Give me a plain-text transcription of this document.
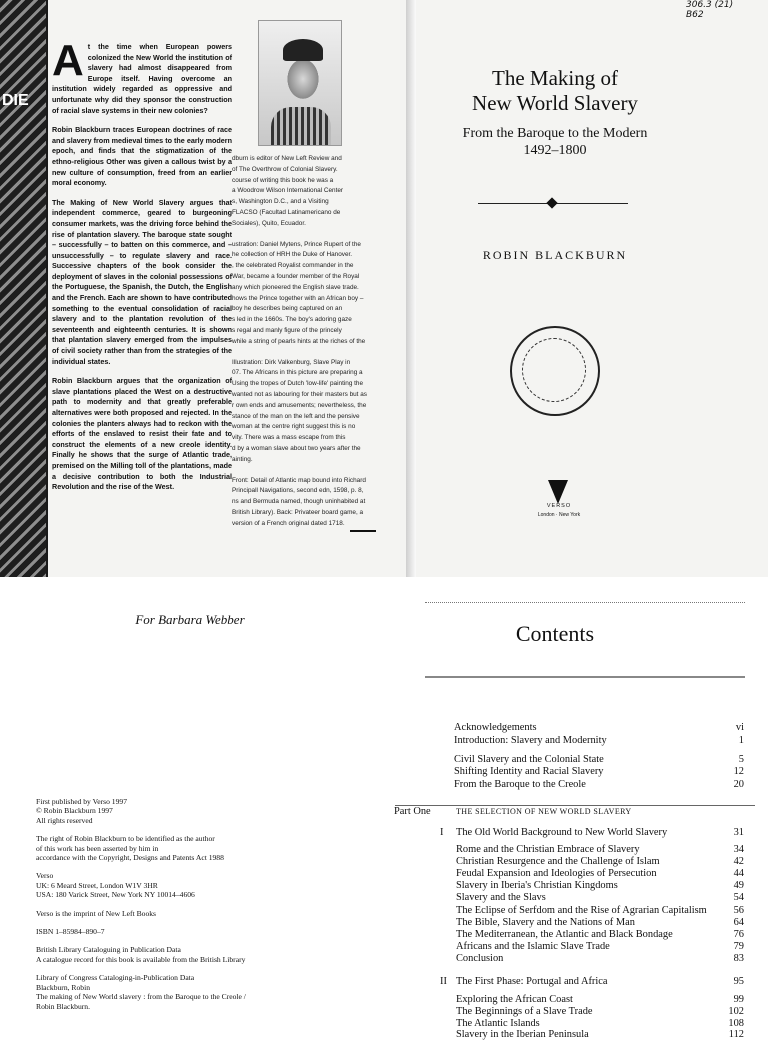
DIE

At the time when European powers colonized the New World the institution of slavery had almost disappeared from Europe itself. Having overcome an institution widely regarded as oppressive and unfortunate why did they sponsor the construction of racial slave systems in their new colonies?

Robin Blackburn traces European doctrines of race and slavery from medieval times to the early modern epoch, and finds that the stigmatization of the ethno-religious Other was given a callous twist by a new culture of consumption, freed from an earlier moral economy.

The Making of New World Slavery argues that independent commerce, geared to burgeoning consumer markets, was the driving force behind the rise of plantation slavery. The baroque state sought – successfully – to batten on this commerce, and – unsuccessfully – to regulate slavery and race. Successive chapters of the book consider the deployment of slaves in the colonial possessions of the Portuguese, the Spanish, the Dutch, the English and the French. Each are shown to have contributed something to the eventual consolidation of racial slavery and to the plantation revolution of the seventeenth and eighteenth centuries. It is shown that plantation slavery emerged from the impulses of civil society rather than from the strategies of the individual states.

Robin Blackburn argues that the organization of slave plantations placed the West on a destructive path to modernity and that greatly preferable alternatives were both proposed and rejected. In the colonies the planters always had to reckon with the efforts of the enslaved to resist their fate and to construct the elements of a new creole identity. Finally he shows that the surge of Atlantic trade, premised on the Milling toll of the plantations, made a decisive contribution to both the Industrial Revolution and the rise of the West.

dburn is editor of New Left Review and
of The Overthrow of Colonial Slavery.
course of writing this book he was a
a Woodrow Wilson International Center
s, Washington D.C., and a Visiting
FLACSO (Facultad Latinamericano de
Sociales), Quito, Ecuador.

ustration: Daniel Mytens, Prince Rupert of the
he collection of HRH the Duke of Hanover.
, the celebrated Royalist commander in the
War, became a founder member of the Royal
any which pioneered the English slave trade.
hows the Prince together with an African boy –
boy he describes being captured on an
s led in the 1660s. The boy's adoring gaze
s regal and manly figure of the princely
while a string of pearls hints at the riches of the

Illustration: Dirk Valkenburg, Slave Play in
07. The Africans in this picture are preparing a
Using the tropes of Dutch 'low-life' painting the
wanted not as labouring for their masters but as
r own ends and amusements; nevertheless, the
stance of the man on the left and the pensive
woman at the centre right suggest this is no
vity. There was a mass escape from this
d by a woman slave about two years after the
ainting.

Front: Detail of Atlantic map bound into Richard
Principall Navigations, second edn, 1598, p. 8,
ns and Bermuda named, though uninhabited at
British Library). Back: Privateer board game, a
version of a French original dated 1718.

306.3 (21)
B62
The Making of
New World Slavery
From the Baroque to the Modern
1492–1800
ROBIN BLACKBURN
VERSO
London · New York
For Barbara Webber
First published by Verso 1997
© Robin Blackburn 1997
All rights reserved
The right of Robin Blackburn to be identified as the author
of this work has been asserted by him in
accordance with the Copyright, Designs and Patents Act 1988
Verso
UK: 6 Meard Street, London W1V 3HR
USA: 180 Varick Street, New York NY 10014–4606
Verso is the imprint of New Left Books
ISBN 1–85984–890–7
British Library Cataloguing in Publication Data
A catalogue record for this book is available from the British Library
Library of Congress Cataloging-in-Publication Data
Blackburn, Robin
The making of New World slavery : from the Baroque to the Creole /
Robin Blackburn.
Contents
Acknowledgements	vi
Introduction: Slavery and Modernity	1
Civil Slavery and the Colonial State	5
Shifting Identity and Racial Slavery	12
From the Baroque to the Creole	20
Part One	THE SELECTION OF NEW WORLD SLAVERY
I The Old World Background to New World Slavery	31
Rome and the Christian Embrace of Slavery	34
Christian Resurgence and the Challenge of Islam	42
Feudal Expansion and Ideologies of Persecution	44
Slavery in Iberia's Christian Kingdoms	49
Slavery and the Slavs	54
The Eclipse of Serfdom and the Rise of Agrarian Capitalism	56
The Bible, Slavery and the Nations of Man	64
The Mediterranean, the Atlantic and Black Bondage	76
Africans and the Islamic Slave Trade	79
Conclusion	83
II The First Phase: Portugal and Africa	95
Exploring the African Coast	99
The Beginnings of a Slave Trade	102
The Atlantic Islands	108
Slavery in the Iberian Peninsula	112
